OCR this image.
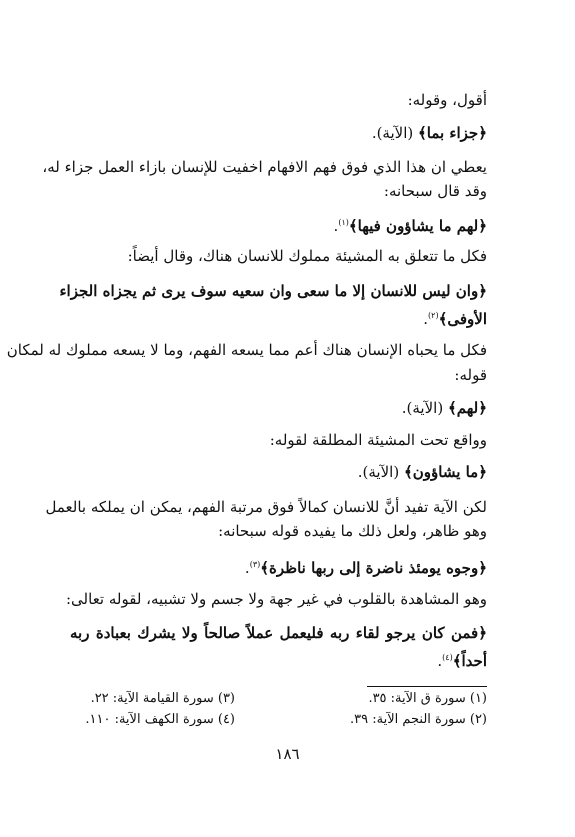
أقول، وقوله:
﴿جزاء بما﴾ (الآية).
يعطي ان هذا الذي فوق فهم الافهام اخفيت للإنسان بازاء العمل جزاء له،
وقد قال سبحانه:
﴿لهم ما يشاؤون فيها﴾$^{(١)}$.
فكل ما تتعلق به المشيئة مملوك للانسان هناك، وقال أيضاً:
﴿وان ليس للانسان إلا ما سعى وان سعيه سوف يرى ثم يجزاه الجزاء
الأوفى﴾$^{(٢)}$.
فكل ما يحباه الإنسان هناك أعم مما يسعه الفهم، وما لا يسعه مملوك له لمكان
قوله:
﴿لهم﴾ (الآية).
وواقع تحت المشيئة المطلقة لقوله:
﴿ما يشاؤون﴾ (الآية).
لكن الآية تفيد أنَّ للانسان كمالاً فوق مرتبة الفهم، يمكن ان يملكه بالعمل
وهو ظاهر، ولعل ذلك ما يفيده قوله سبحانه:
﴿وجوه يومئذ ناضرة إلى ربها ناظرة﴾$^{(٣)}$.
وهو المشاهدة بالقلوب في غير جهة ولا جسم ولا تشبيه، لقوله تعالى:
﴿فمن كان يرجو لقاء ربه فليعمل عملاً صالحاً ولا يشرك بعبادة ربه
أحداً﴾$^{(٤)}$.
(١) سورة ق الآية: ٣٥.
(٢) سورة النجم الآية: ٣٩.
(٣) سورة القيامة الآية: ٢٢.
(٤) سورة الكهف الآية: ١١٠.
١٨٦
